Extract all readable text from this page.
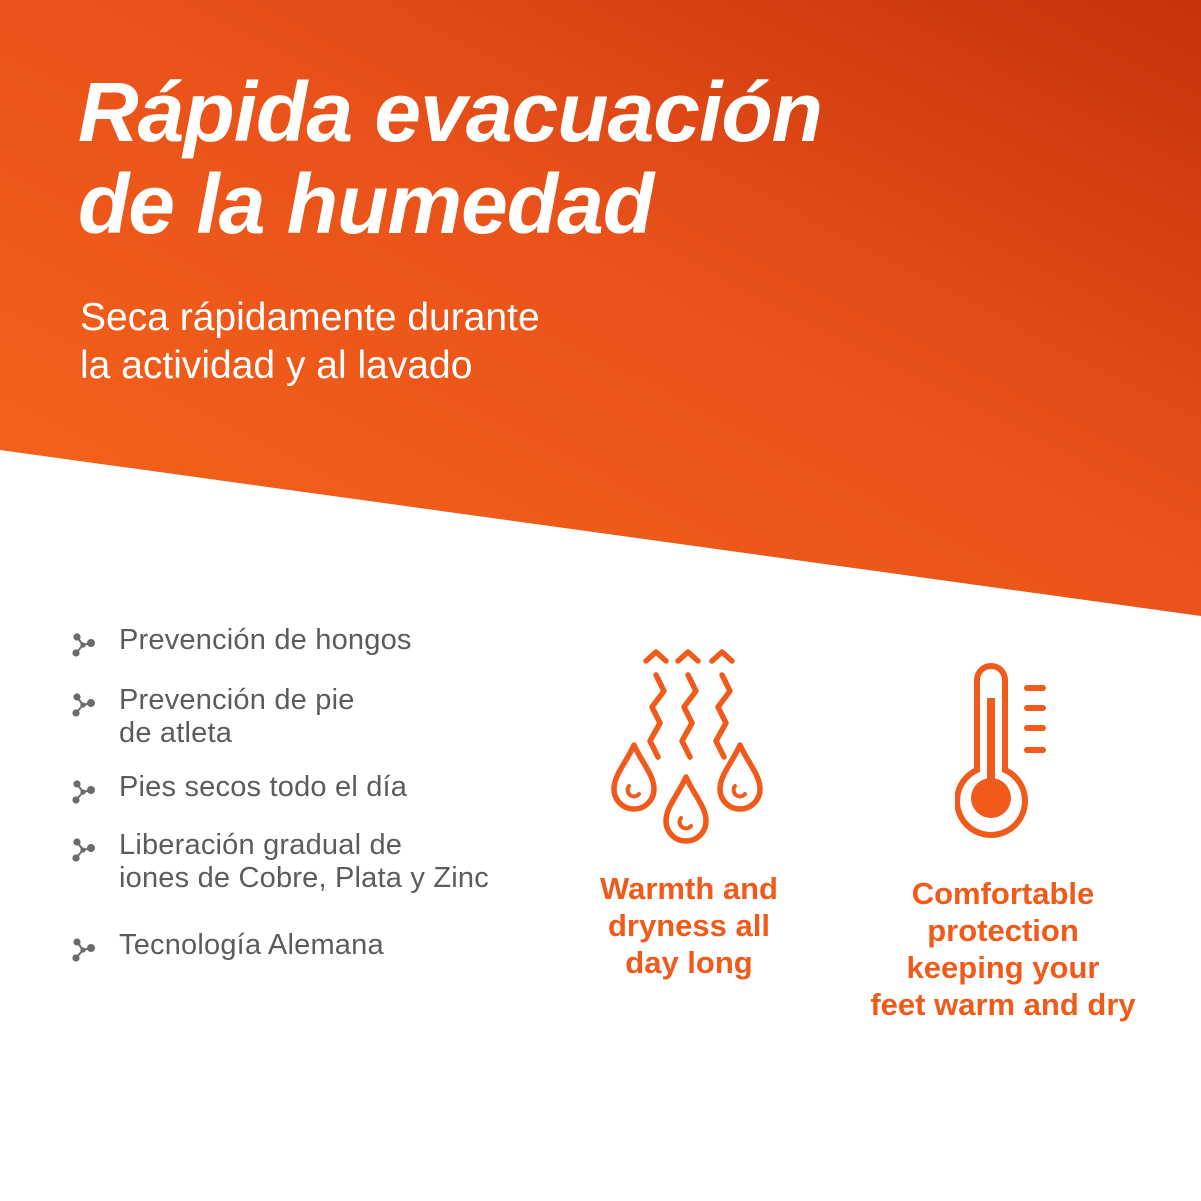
Rápida evacuación
de la humedad

Seca rápidamente durante
la actividad y al lavado

Prevención de hongos
Prevención de pie
de atleta
Pies secos todo el día
Liberación gradual de
iones de Cobre, Plata y Zinc
Tecnología Alemana
Warmth and
dryness all
day long
Comfortable
protection
keeping your
feet warm and dry
